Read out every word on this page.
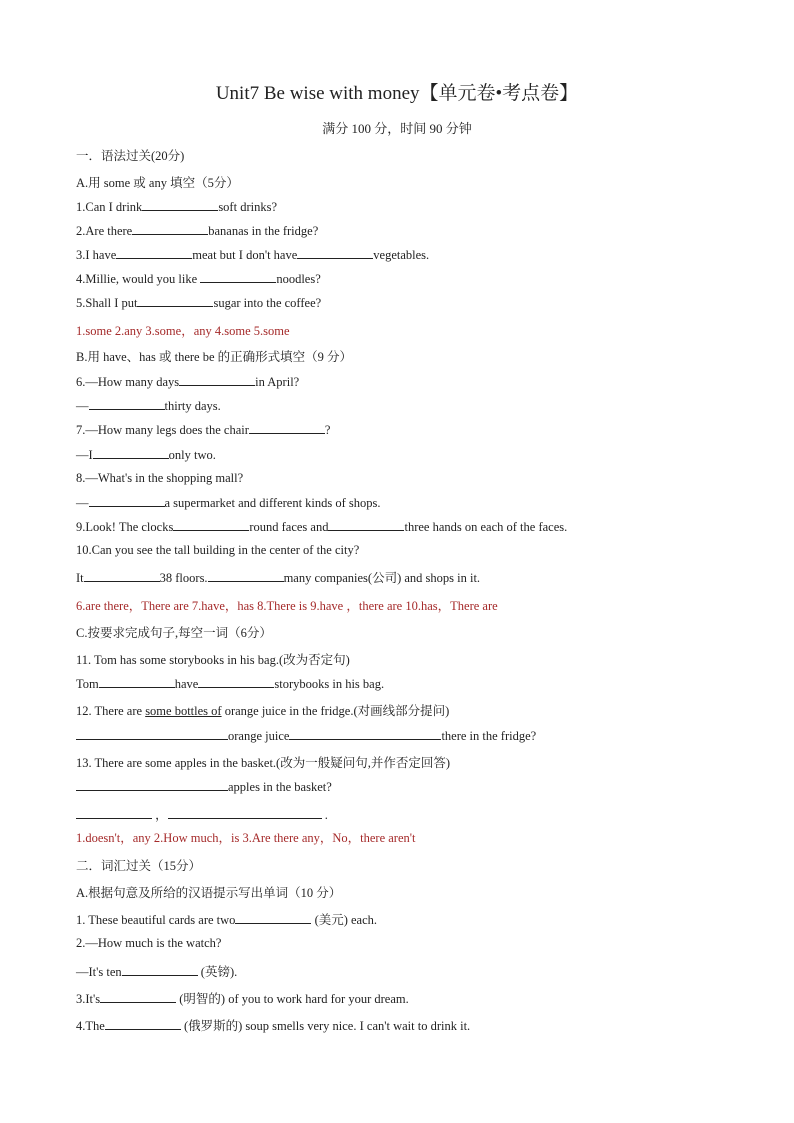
Unit7 Be wise with money【单元卷•考点卷】
满分 100 分，时间 90 分钟
一．语法过关(20分)
A.用 some 或 any 填空（5分）
1.Can I drink	soft drinks?
2.Are there	bananas in the fridge?
3.I have	meat but I don't have	vegetables.
4.Millie, would you like	noodles?
5.Shall I put	sugar into the coffee?
1.some 2.any 3.some，any 4.some 5.some
B.用 have、has 或 there be 的正确形式填空（9 分）
6.—How many days	in April?
—	thirty days.
7.—How many legs does the chair	?
—I	only two.
8.—What's in the shopping mall?
—	a supermarket and different kinds of shops.
9.Look! The clocks	round faces and	three hands on each of the faces.
10.Can you see the tall building in the center of the city?
It	38 floors.	many companies(公司) and shops in it.
6.are there，There are 7.have，has 8.There is 9.have ，there are 10.has，There are
C.按要求完成句子,每空一词（6分）
11. Tom has some storybooks in his bag.(改为否定句)
Tom	have	storybooks in his bag.
12. There are some bottles of orange juice in the fridge.(对画线部分提问)
orange juice	there in the fridge?
13. There are some apples in the basket.(改为一般疑问句,并作否定回答)
apples in the basket?
，	.
1.doesn't，any 2.How much，is 3.Are there any，No，there aren't
二．词汇过关（15分）
A.根据句意及所给的汉语提示写出单词（10 分）
1. These beautiful cards are two	(美元) each.
2.—How much is the watch?
—It's ten	(英镑).
3.It's	(明智的) of you to work hard for your dream.
4.The	(俄罗斯的) soup smells very nice. I can't wait to drink it.
